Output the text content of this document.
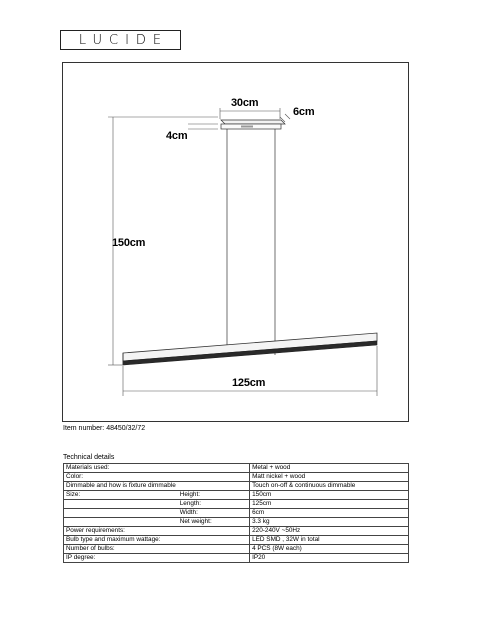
LUCIDE
30cm
6cm
4cm
150cm
125cm
Item number: 48450/32/72
Technical details
Materials used:		Metal + wood
Color:		Matt nickel + wood
Dimmable and how is fixture dimmable		Touch on-off & continuous dimmable
Size:	Height:	150cm
	Length:	125cm
	Width:	6cm
	Net weight:	3.3 kg
Power requirements:		220-240V ~50Hz
Bulb type and maximum wattage:		LED SMD , 32W in total
Number of bulbs:		4 PCS (8W each)
IP degree:		IP20
